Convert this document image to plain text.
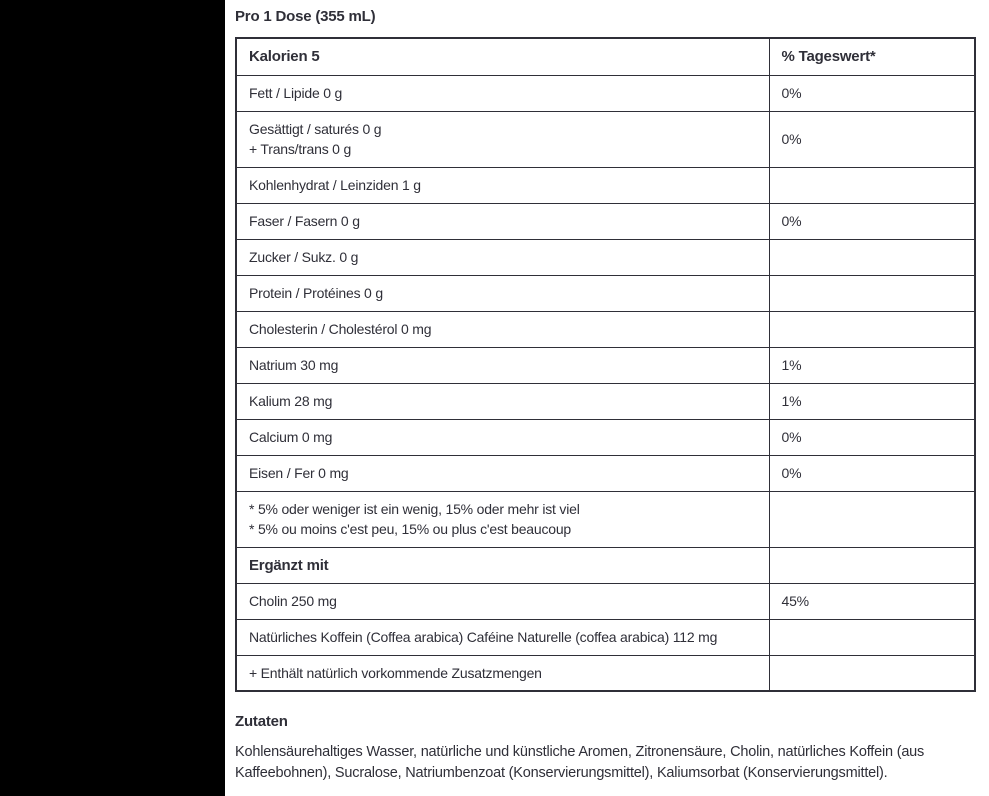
Pro 1 Dose (355 mL)
Kalorien 5	% Tageswert*

Fett / Lipide 0 g	0%

Gesättigt / saturés 0 g
+ Trans/trans 0 g	0%

Kohlenhydrat / Leinziden 1 g	

Faser / Fasern 0 g	0%

Zucker / Sukz. 0 g	

Protein / Protéines 0 g	

Cholesterin / Cholestérol 0 mg	

Natrium 30 mg	1%

Kalium 28 mg	1%

Calcium 0 mg	0%

Eisen / Fer 0 mg	0%

* 5% oder weniger ist ein wenig, 15% oder mehr ist viel
* 5% ou moins c'est peu, 15% ou plus c'est beaucoup	

Ergänzt mit	

Cholin 250 mg	45%

Natürliches Koffein (Coffea arabica) Caféine Naturelle (coffea arabica) 112 mg	

+ Enthält natürlich vorkommende Zusatzmengen	

Zutaten
Kohlensäurehaltiges Wasser, natürliche und künstliche Aromen, Zitronensäure, Cholin, natürliches Koffein (aus Kaffeebohnen), Sucralose, Natriumbenzoat (Konservierungsmittel), Kaliumsorbat (Konservierungsmittel).
